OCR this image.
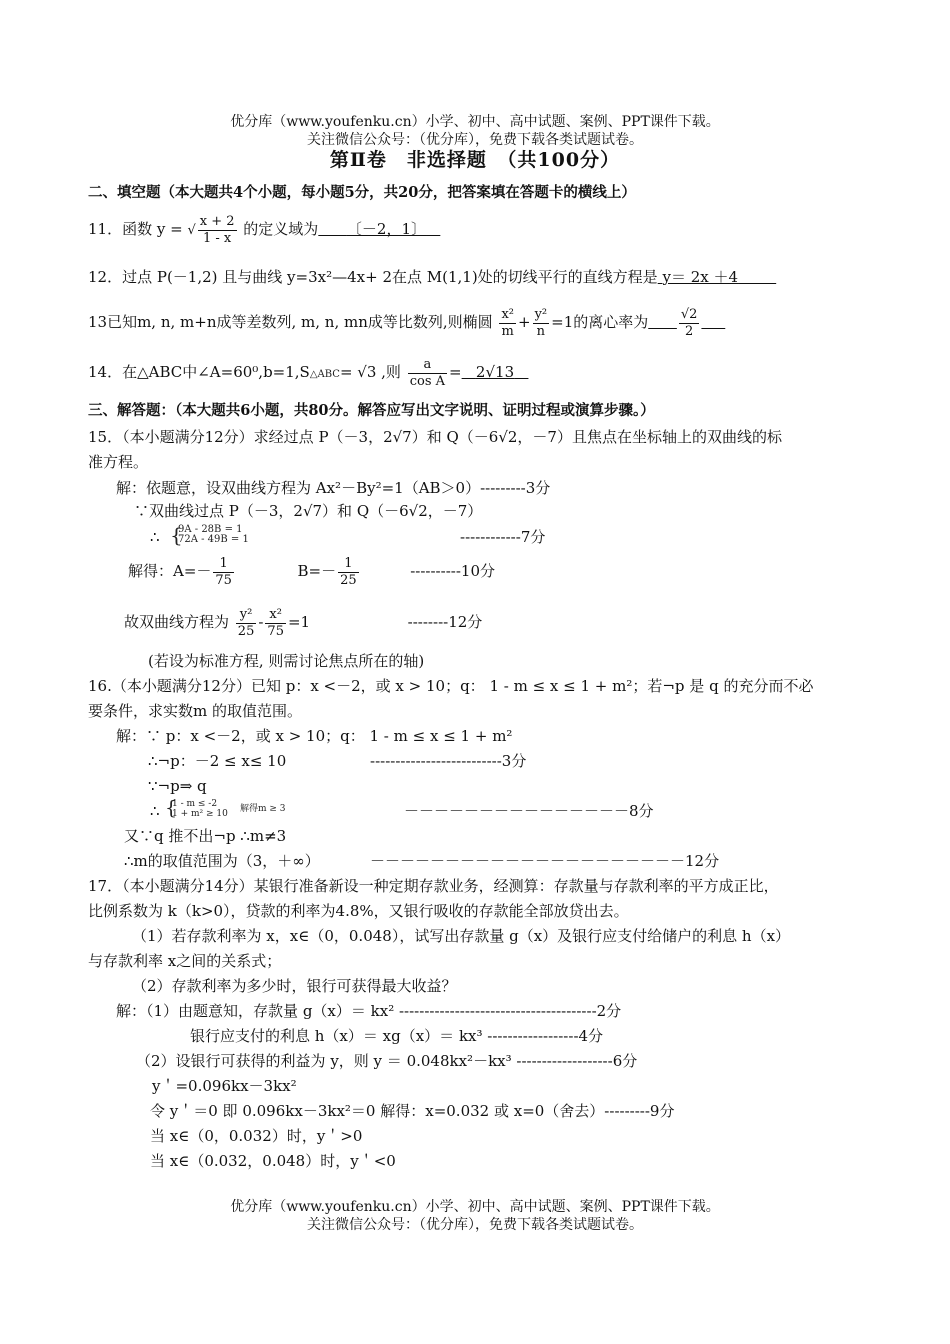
优分库（www.youfenku.cn）小学、初中、高中试题、案例、PPT课件下载。
关注微信公众号：（优分库），免费下载各类试题试卷。
第Ⅱ卷　非选择题　（共100分）
二、填空题（本大题共4个小题，每小题5分，共20分，把答案填在答题卡的横线上）
11．函数 y = √ $\frac{x + 2}{1 - x}$ 的定义域为 〔－2，1〕
12．过点 P(－1,2) 且与曲线 y=3x²—4x+ 2在点 M(1,1)处的切线平行的直线方程是 y＝ 2x ＋4
13已知m, n, m+n成等差数列, m, n, mn成等比数列,则椭圆 $\frac{\text{x²}}{m} + \frac{\text{y²}}{n} =1$的离心率为 $\frac{√2}{2}$

14．在△ABC中∠A=60⁰,b=1,S△ABC= √3 ,则 $\frac{a}{\text{cos A}} = 2√13$
三、解答题：（本大题共6小题，共80分。解答应写出文字说明、证明过程或演算步骤。）
15．（本小题满分12分）求经过点 P（－3，2√7）和 Q（－6√2，－7）且焦点在坐标轴上的双曲线的标
准方程。
解：依题意，设双曲线方程为 Ax²－By²=1（AB＞0）---------3分
∵双曲线过点 P（－3，2√7）和 Q（－6√2，－7）
∴ {
9A - 28B = 1
72A - 49B = 1	------------7分
解得：$A=- \frac{1}{75}$	$B=- \frac{1}{25}$	----------10分
故双曲线方程为 $\frac{\text{y²}}{25} - \frac{\text{x²}}{75} =1$	--------12分
(若设为标准方程, 则需讨论焦点所在的轴)
16.（本小题满分12分）已知 p：x <－2，或 x > 10；q： 1 - m ≤ x ≤ 1 + m²；若¬p 是 q 的充分而不必
要条件，求实数m 的取值范围。
解：∵ p：x <－2，或 x > 10；q： 1 - m ≤ x ≤ 1 + m²
∴¬p：－2 ≤ x≤ 10	--------------------------3分
∵¬p⇒ q
∴ {
1 - m ≤ -2
1 + m² ≥ 10 解得m ≥ 3	－－－－－－－－－－－－－－－8分
又∵q 推不出¬p ∴m≠3
∴m的取值范围为（3，＋∞）	－－－－－－－－－－－－－－－－－－－－－12分
17．（本小题满分14分）某银行准备新设一种定期存款业务，经测算：存款量与存款利率的平方成正比，
比例系数为 k（k>0），贷款的利率为4.8%，又银行吸收的存款能全部放贷出去。
（1）若存款利率为 x，x∈（0，0.048），试写出存款量 g（x）及银行应支付给储户的利息 h（x）
与存款利率 x之间的关系式；
（2）存款利率为多少时，银行可获得最大收益？
解：（1）由题意知，存款量 g（x）＝ kx² ---------------------------------------2分
银行应支付的利息 h（x）＝ xg（x）＝ kx³ ------------------4分
（2）设银行可获得的利益为 y，则 y ＝ 0.048kx²－kx³ -------------------6分
y＇=0.096kx－3kx²
令 y＇＝0 即 0.096kx－3kx²＝0 解得：x=0.032 或 x=0（舍去）---------9分
当 x∈（0，0.032）时，y＇>0
当 x∈（0.032，0.048）时，y＇<0
优分库（www.youfenku.cn）小学、初中、高中试题、案例、PPT课件下载。
关注微信公众号：（优分库），免费下载各类试题试卷。
